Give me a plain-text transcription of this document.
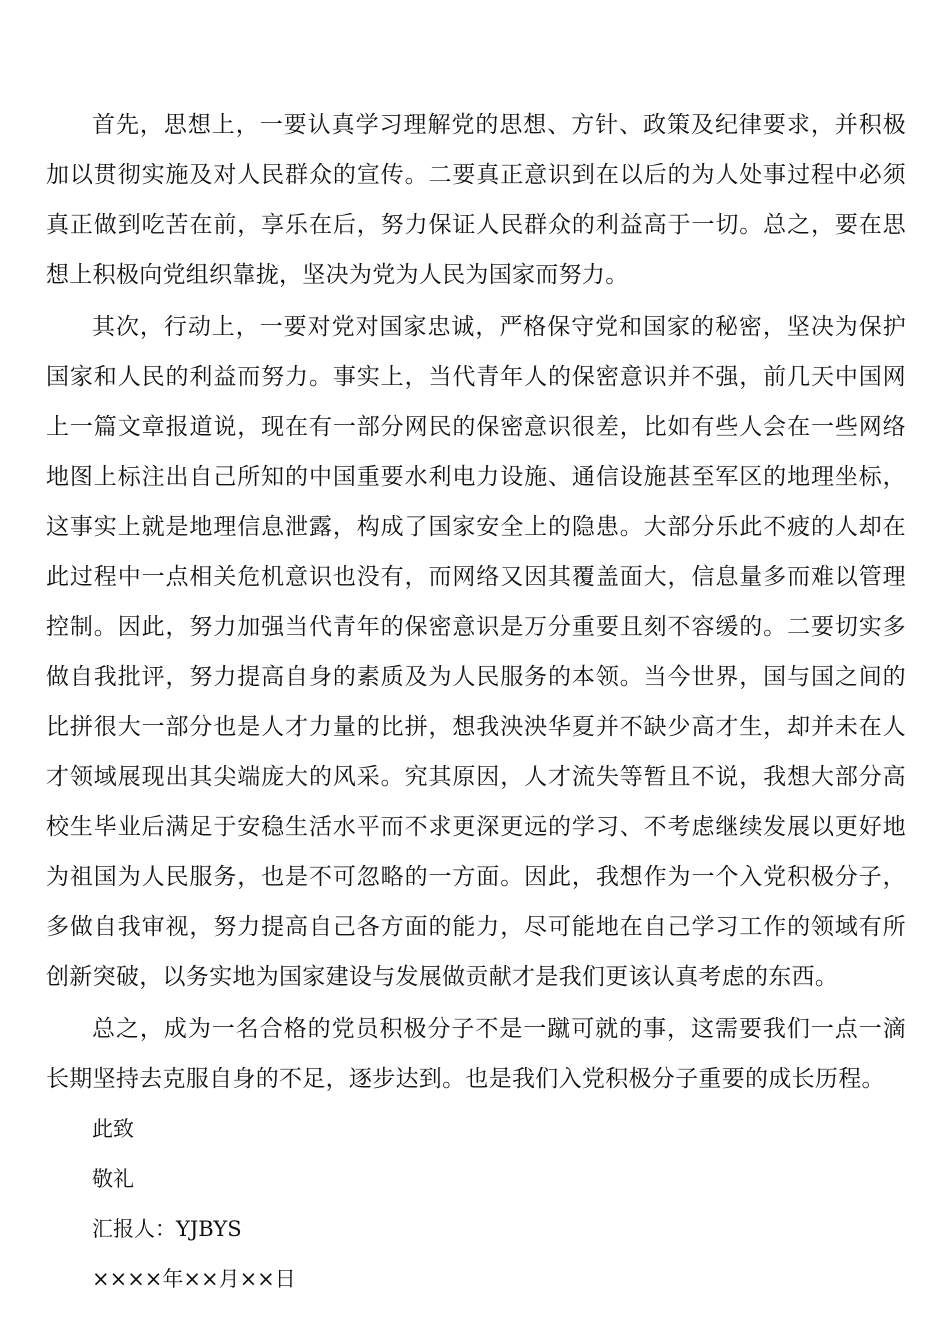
首先，思想上，一要认真学习理解党的思想、方针、政策及纪律要求，并积极加以贯彻实施及对人民群众的宣传。二要真正意识到在以后的为人处事过程中必须真正做到吃苦在前，享乐在后，努力保证人民群众的利益高于一切。总之，要在思想上积极向党组织靠拢，坚决为党为人民为国家而努力。

其次，行动上，一要对党对国家忠诚，严格保守党和国家的秘密，坚决为保护国家和人民的利益而努力。事实上，当代青年人的保密意识并不强，前几天中国网上一篇文章报道说，现在有一部分网民的保密意识很差，比如有些人会在一些网络地图上标注出自己所知的中国重要水利电力设施、通信设施甚至军区的地理坐标，这事实上就是地理信息泄露，构成了国家安全上的隐患。大部分乐此不疲的人却在此过程中一点相关危机意识也没有，而网络又因其覆盖面大，信息量多而难以管理控制。因此，努力加强当代青年的保密意识是万分重要且刻不容缓的。二要切实多做自我批评，努力提高自身的素质及为人民服务的本领。当今世界，国与国之间的比拼很大一部分也是人才力量的比拼，想我泱泱华夏并不缺少高才生，却并未在人才领域展现出其尖端庞大的风采。究其原因，人才流失等暂且不说，我想大部分高校生毕业后满足于安稳生活水平而不求更深更远的学习、不考虑继续发展以更好地为祖国为人民服务，也是不可忽略的一方面。因此，我想作为一个入党积极分子，多做自我审视，努力提高自己各方面的能力，尽可能地在自己学习工作的领域有所创新突破，以务实地为国家建设与发展做贡献才是我们更该认真考虑的东西。

总之，成为一名合格的党员积极分子不是一蹴可就的事，这需要我们一点一滴长期坚持去克服自身的不足，逐步达到。也是我们入党积极分子重要的成长历程。

此致
敬礼
汇报人：YJBYS
××××年××月××日
